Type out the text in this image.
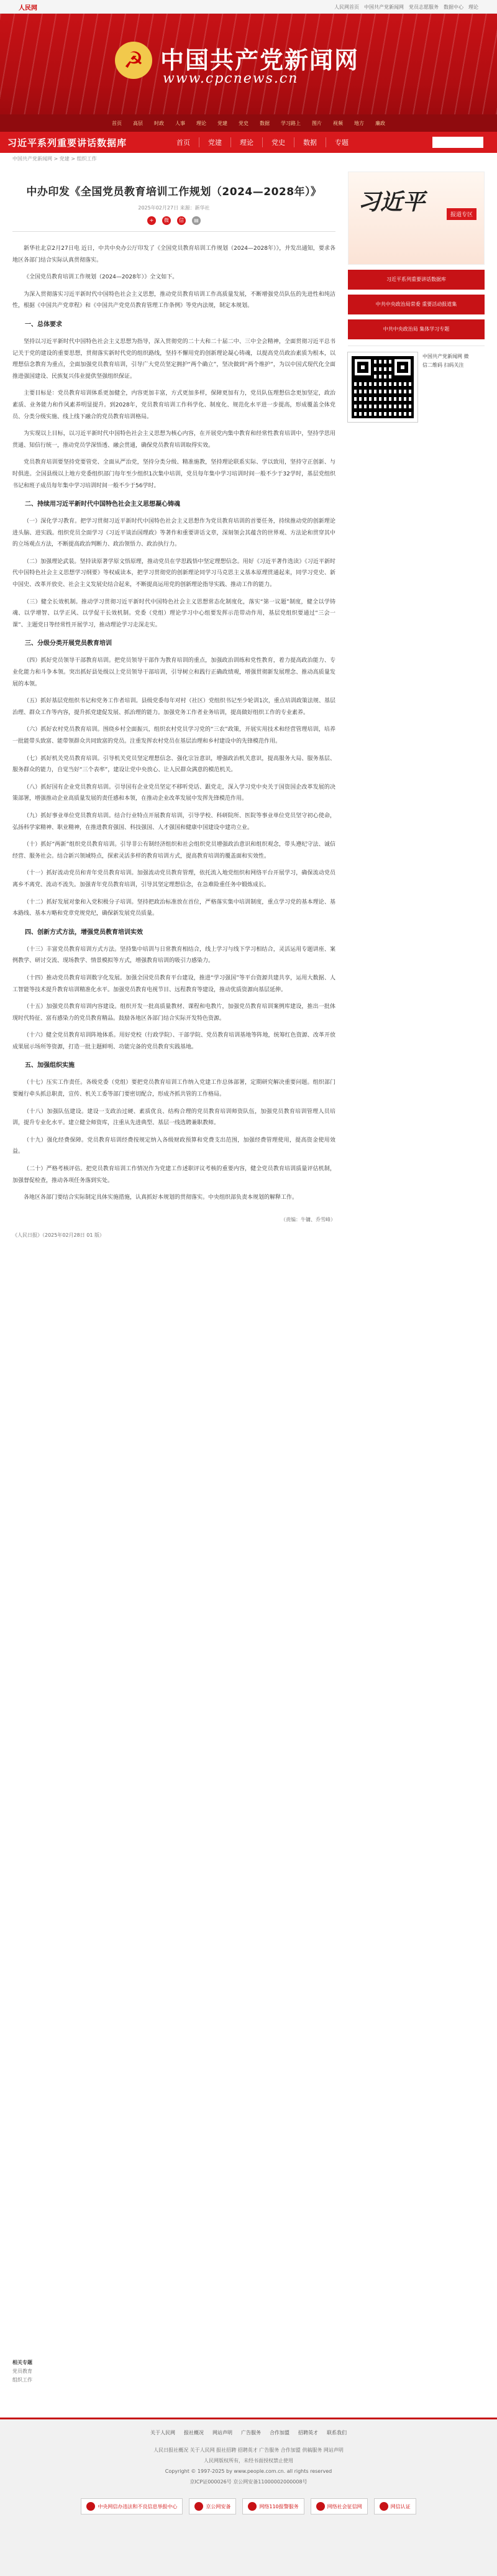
人民网	人民网首页 中国共产党新闻网 党员志愿服务 数据中心 理论
☭ 中国共产党新闻网
www.cpcnews.cn
首页 高层 时政 人事 理论 党建 党史 数据 学习路上 图片 视频 地方 廉政
习近平系列重要讲话数据库	首页	党建	理论	党史	数据	专题
中国共产党新闻网 > 党建 > 组织工作
中办印发《全国党员教育培训工作规划（2024—2028年）》
2025年02月27日 来源：新华社
+	微	信	▤

新华社北京2月27日电 近日，中共中央办公厅印发了《全国党员教育培训工作规划（2024—2028年）》，并发出通知，要求各地区各部门结合实际认真贯彻落实。

《全国党员教育培训工作规划（2024—2028年）》全文如下。

为深入贯彻落实习近平新时代中国特色社会主义思想，推动党员教育培训工作高质量发展，不断增强党员队伍的先进性和纯洁性，根据《中国共产党章程》和《中国共产党党员教育管理工作条例》等党内法规，制定本规划。

一、总体要求

坚持以习近平新时代中国特色社会主义思想为指导，深入贯彻党的二十大和二十届二中、三中全会精神，全面贯彻习近平总书记关于党的建设的重要思想，贯彻落实新时代党的组织路线，坚持不懈用党的创新理论凝心铸魂，以提高党员政治素质为根本，以理想信念教育为重点，全面加强党员教育培训，引导广大党员坚定拥护“两个确立”，坚决做到“两个维护”，为以中国式现代化全面推进强国建设、民族复兴伟业提供坚强组织保证。

主要目标是：党员教育培训体系更加健全，内容更加丰富，方式更加多样，保障更加有力，党员队伍理想信念更加坚定，政治素质、业务能力和作风素养明显提升。到2028年，党员教育培训工作科学化、制度化、规范化水平进一步提高，形成覆盖全体党员、分类分级实施、线上线下融合的党员教育培训格局。

为实现以上目标，以习近平新时代中国特色社会主义思想为核心内容，在开展党内集中教育和经常性教育培训中，坚持学思用贯通、知信行统一，推动党员学深悟透、融会贯通，确保党员教育培训取得实效。

党员教育培训要坚持党要管党、全面从严治党，坚持分类分级、精准施教，坚持理论联系实际、学以致用，坚持守正创新、与时俱进。全国县级以上地方党委组织部门每年至少组织1次集中培训，党员每年集中学习培训时间一般不少于32学时，基层党组织书记和班子成员每年集中学习培训时间一般不少于56学时。

二、持续用习近平新时代中国特色社会主义思想凝心铸魂

（一）深化学习教育。把学习贯彻习近平新时代中国特色社会主义思想作为党员教育培训的首要任务，持续推动党的创新理论进头脑、进实践。组织党员全面学习《习近平谈治国理政》等著作和重要讲话文章，深刻领会其蕴含的世界观、方法论和贯穿其中的立场观点方法，不断提高政治判断力、政治领悟力、政治执行力。

（二）加强理论武装。坚持读原著学原文悟原理，推动党员在学思践悟中坚定理想信念。用好《习近平著作选读》《习近平新时代中国特色社会主义思想学习纲要》等权威读本，把学习贯彻党的创新理论同学习马克思主义基本原理贯通起来，同学习党史、新中国史、改革开放史、社会主义发展史结合起来，不断提高运用党的创新理论指导实践、推动工作的能力。

（三）健全长效机制。推动学习贯彻习近平新时代中国特色社会主义思想常态化制度化，落实“第一议题”制度，健全以学铸魂、以学增智、以学正风、以学促干长效机制。党委（党组）理论学习中心组要发挥示范带动作用，基层党组织要通过“三会一课”、主题党日等经常性开展学习，推动理论学习走深走实。

三、分级分类开展党员教育培训

（四）抓好党员领导干部教育培训。把党员领导干部作为教育培训的重点，加强政治训练和党性教育，着力提高政治能力、专业化能力和斗争本领。突出抓好县处级以上党员领导干部培训，引导树立和践行正确政绩观，增强贯彻新发展理念、推动高质量发展的本领。

（五）抓好基层党组织书记和党务工作者培训。县级党委每年对村（社区）党组织书记至少轮训1次，重点培训政策法规、基层治理、群众工作等内容，提升抓党建促发展、抓治理的能力。加强党务工作者业务培训，提高做好组织工作的专业素养。

（六）抓好农村党员教育培训。围绕乡村全面振兴，组织农村党员学习党的“三农”政策，开展实用技术和经营管理培训，培养一批能带头致富、能带领群众共同致富的党员。注重发挥农村党员在基层治理和乡村建设中的先锋模范作用。

（七）抓好机关党员教育培训。引导机关党员坚定理想信念、强化宗旨意识，增强政治机关意识，提高服务大局、服务基层、服务群众的能力，自觉当好“三个表率”，建设让党中央放心、让人民群众满意的模范机关。

（八）抓好国有企业党员教育培训。引导国有企业党员坚定不移听党话、跟党走，深入学习党中央关于国资国企改革发展的决策部署，增强推动企业高质量发展的责任感和本领，在推动企业改革发展中发挥先锋模范作用。

（九）抓好事业单位党员教育培训。结合行业特点开展教育培训，引导学校、科研院所、医院等事业单位党员坚守初心使命，弘扬科学家精神、职业精神，在推进教育强国、科技强国、人才强国和健康中国建设中建功立业。

（十）抓好“两新”组织党员教育培训。引导非公有制经济组织和社会组织党员增强政治意识和组织观念，带头遵纪守法、诚信经营、服务社会。结合新兴领域特点，探索灵活多样的教育培训方式，提高教育培训的覆盖面和实效性。

（十一）抓好流动党员和青年党员教育培训。加强流动党员教育管理，依托流入地党组织和网络平台开展学习，确保流动党员离乡不离党、流动不流失。加强青年党员教育培训，引导其坚定理想信念，在急难险重任务中锻炼成长。

（十二）抓好发展对象和入党积极分子培训。坚持把政治标准放在首位，严格落实集中培训制度，重点学习党的基本理论、基本路线、基本方略和党章党规党纪，确保新发展党员质量。

四、创新方式方法，增强党员教育培训实效

（十三）丰富党员教育培训方式方法。坚持集中培训与日常教育相结合，线上学习与线下学习相结合，灵活运用专题讲座、案例教学、研讨交流、现场教学、情景模拟等方式，增强教育培训的吸引力感染力。

（十四）推动党员教育培训数字化发展。加强全国党员教育平台建设，推进“学习强国”等平台资源共建共享，运用大数据、人工智能等技术提升教育培训精准化水平。加强党员教育电视节目、远程教育等建设，推动优质资源向基层延伸。

（十五）加强党员教育培训内容建设。组织开发一批高质量教材、课程和电教片，加强党员教育培训案例库建设，推出一批体现时代特征、富有感染力的党员教育精品。鼓励各地区各部门结合实际开发特色资源。

（十六）健全党员教育培训阵地体系。用好党校（行政学院）、干部学院、党员教育培训基地等阵地，统筹红色资源、改革开放成果展示场所等资源，打造一批主题鲜明、功能完备的党员教育实践基地。

五、加强组织实施

（十七）压实工作责任。各级党委（党组）要把党员教育培训工作纳入党建工作总体部署，定期研究解决重要问题。组织部门要履行牵头抓总职责，宣传、机关工委等部门要密切配合，形成齐抓共管的工作格局。

（十八）加强队伍建设。建设一支政治过硬、素质优良、结构合理的党员教育培训师资队伍，加强党员教育培训管理人员培训，提升专业化水平。建立健全师资库，注重从先进典型、基层一线选聘兼职教师。

（十九）强化经费保障。党员教育培训经费按规定纳入各级财政预算和党费支出范围，加强经费管理使用，提高资金使用效益。

（二十）严格考核评估。把党员教育培训工作情况作为党建工作述职评议考核的重要内容，健全党员教育培训质量评估机制，加强督促检查，推动各项任务落到实处。

各地区各部门要结合实际制定具体实施措施，认真抓好本规划的贯彻落实。中央组织部负责本规划的解释工作。

（责编：牛镛、乔雪峰）
《人民日报》（2025年02月28日 01 版）
相关专题
党员教育
组织工作
习近平	报道专区
习近平系列重要讲话数据库
中共中央政治局常委 重要活动报道集
中共中央政治局 集体学习专题
中国共产党新闻网 微信二维码 扫码关注
关于人民网 报社概况 网站声明 广告服务 合作加盟 招聘英才 联系我们
人民日报社概况 关于人民网 报社招聘 招聘英才 广告服务 合作加盟 供稿服务 网站声明
人民网版权所有，未经书面授权禁止使用
Copyright © 1997-2025 by www.people.com.cn. all rights reserved
京ICP证000026号 京公网安备11000002000008号
中央网信办违法和不良信息举报中心	京公网安备	网络110报警服务	网络社会征信网	网信认证
